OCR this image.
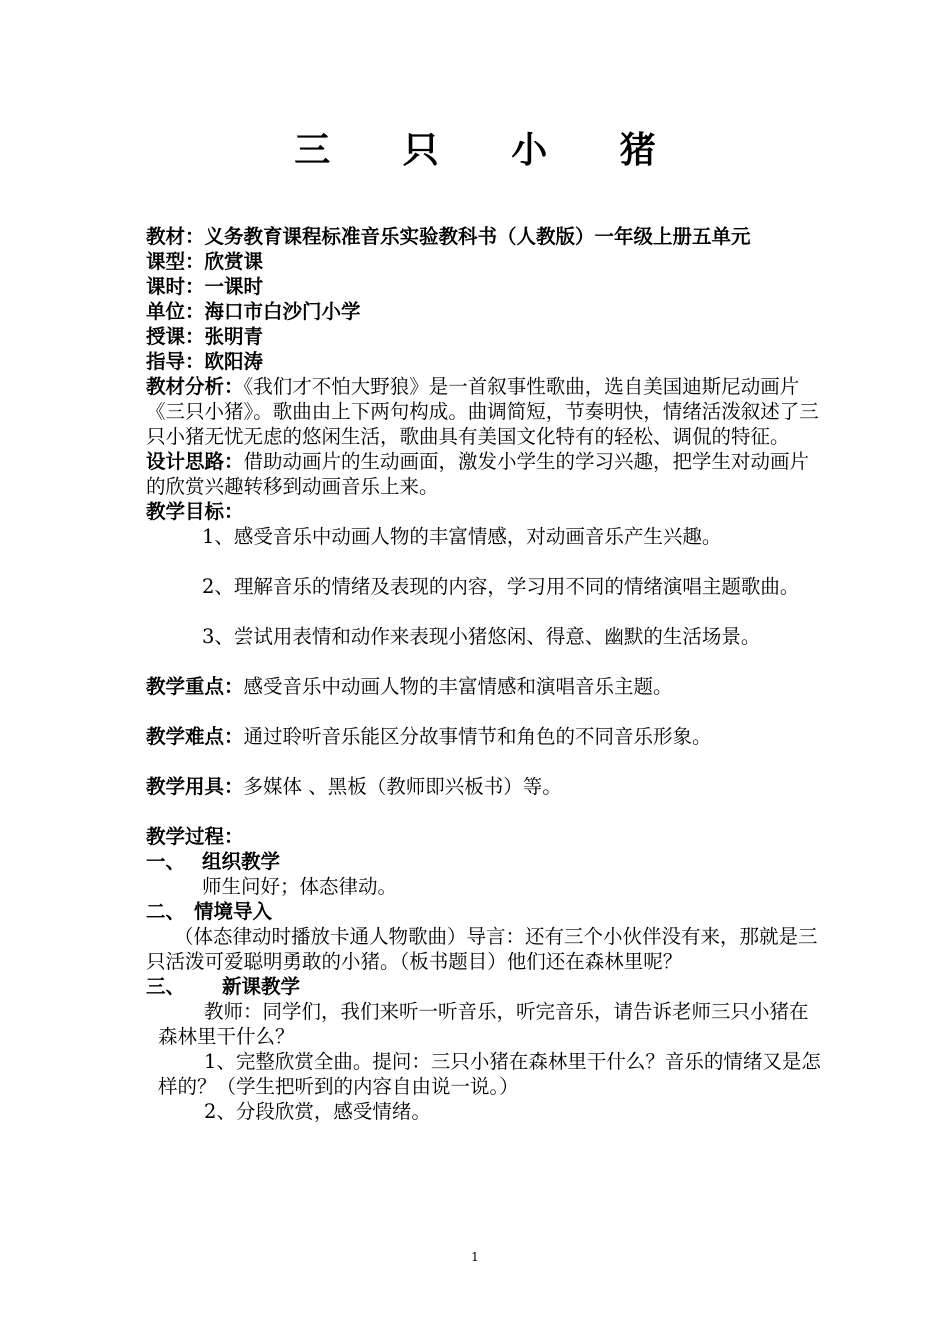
三 只 小 猪
教材：义务教育课程标准音乐实验教科书（人教版）一年级上册五单元
课型：欣赏课
课时：一课时
单位：海口市白沙门小学
授课：张明青
指导：欧阳涛
教材分析：《我们才不怕大野狼》是一首叙事性歌曲，选自美国迪斯尼动画片《三只小猪》。歌曲由上下两句构成。曲调简短，节奏明快，情绪活泼叙述了三只小猪无忧无虑的悠闲生活，歌曲具有美国文化特有的轻松、调侃的特征。
设计思路：借助动画片的生动画面，激发小学生的学习兴趣，把学生对动画片的欣赏兴趣转移到动画音乐上来。
教学目标：
1、感受音乐中动画人物的丰富情感，对动画音乐产生兴趣。
2、理解音乐的情绪及表现的内容，学习用不同的情绪演唱主题歌曲。
3、尝试用表情和动作来表现小猪悠闲、得意、幽默的生活场景。
教学重点：感受音乐中动画人物的丰富情感和演唱音乐主题。
教学难点：通过聆听音乐能区分故事情节和角色的不同音乐形象。
教学用具：多媒体 、黑板（教师即兴板书）等。
教学过程：
一、 组织教学
师生问好；体态律动。
二、 情境导入
（体态律动时播放卡通人物歌曲）导言：还有三个小伙伴没有来，那就是三只活泼可爱聪明勇敢的小猪。（板书题目）他们还在森林里呢？
三、	新课教学
教师：同学们，我们来听一听音乐，听完音乐，请告诉老师三只小猪在森林里干什么？
1、完整欣赏全曲。提问：三只小猪在森林里干什么？音乐的情绪又是怎样的？（学生把听到的内容自由说一说。）
2、分段欣赏，感受情绪。
1
